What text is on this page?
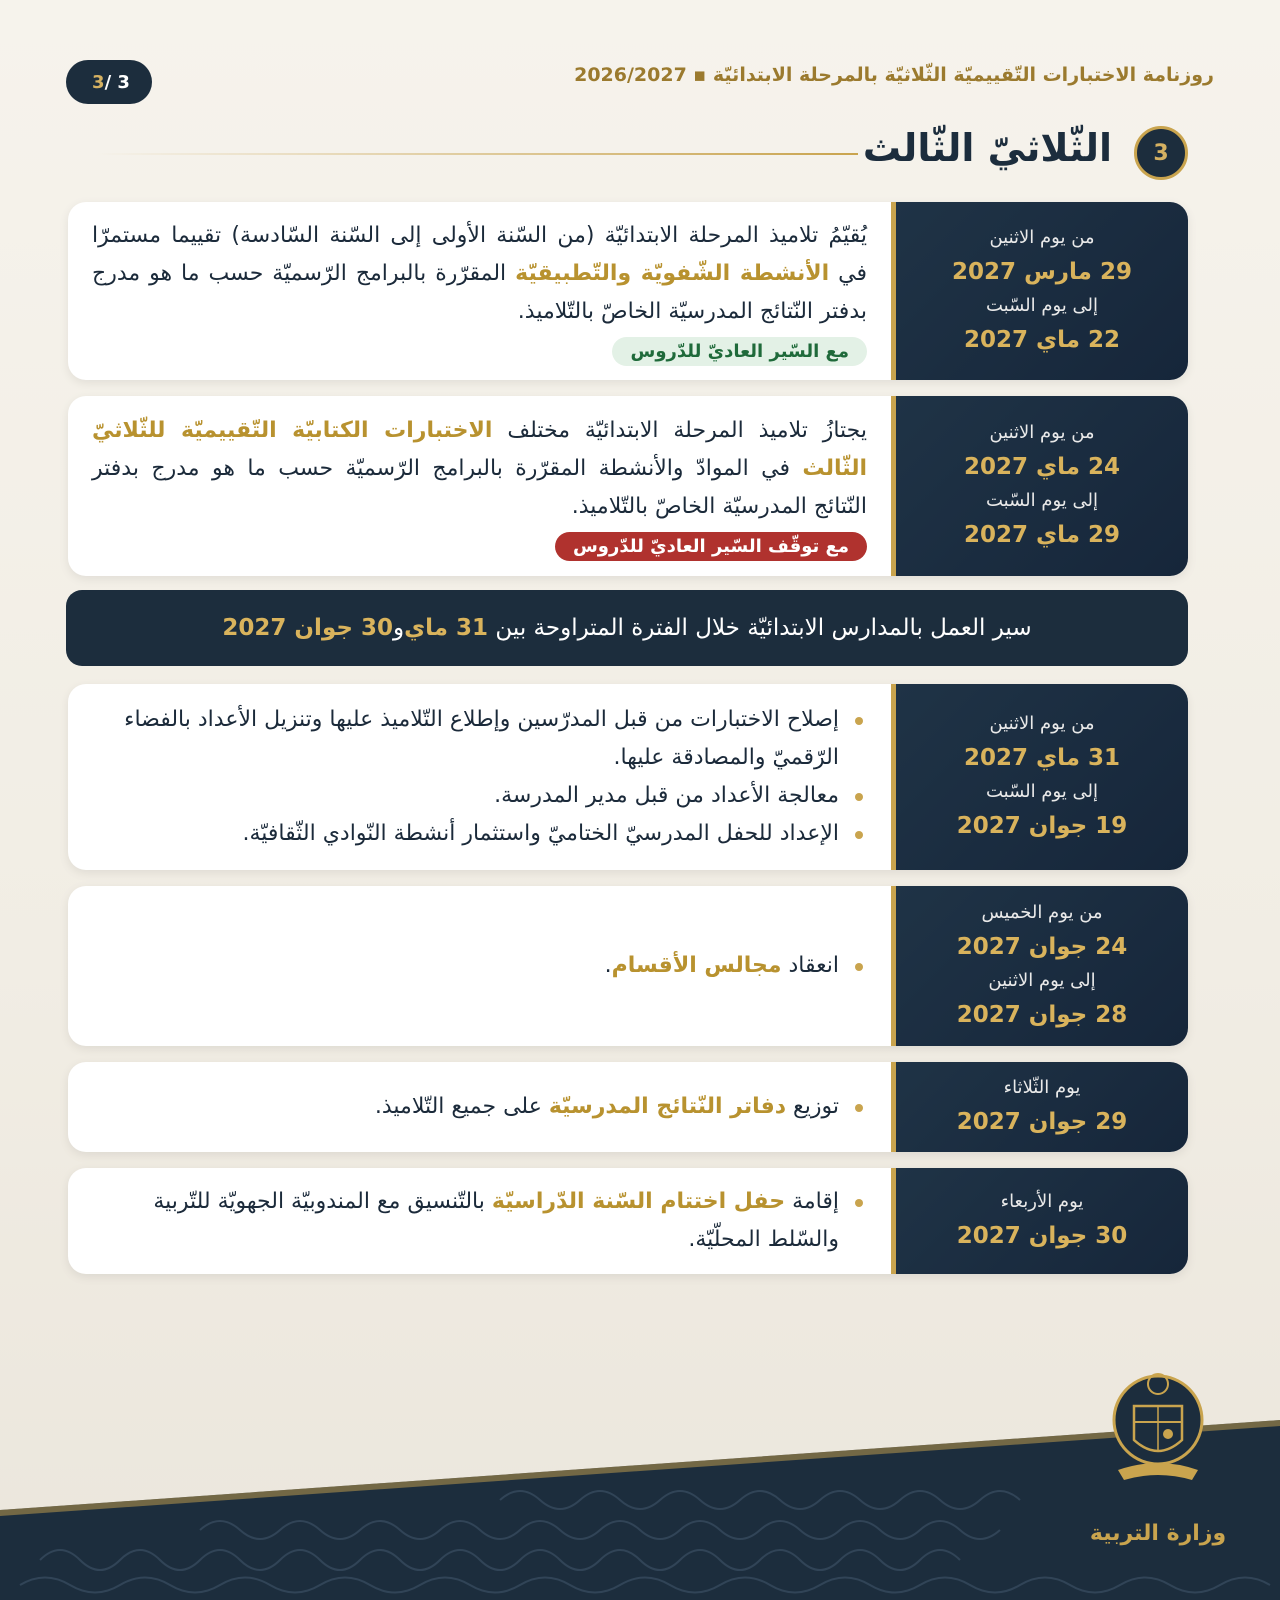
روزنامة الاختبارات التّقييميّة الثّلاثيّة بالمرحلة الابتدائيّة ▪ 2026/2027
3 / 3
3
الثّلاثيّ الثّالث
من يوم الاثنين
29 مارس 2027
إلى يوم السّبت
22 ماي 2027
يُقيّمُ تلاميذ المرحلة الابتدائيّة (من السّنة الأولى إلى السّنة السّادسة) تقييما مستمرّا في الأنشطة الشّفويّة والتّطبيقيّة المقرّرة بالبرامج الرّسميّة حسب ما هو مدرج بدفتر النّتائج المدرسيّة الخاصّ بالتّلاميذ.
مع السّير العاديّ للدّروس
من يوم الاثنين
24 ماي 2027
إلى يوم السّبت
29 ماي 2027
يجتازُ تلاميذ المرحلة الابتدائيّة مختلف الاختبارات الكتابيّة التّقييميّة للثّلاثيّ الثّالث في الموادّ والأنشطة المقرّرة بالبرامج الرّسميّة حسب ما هو مدرج بدفتر النّتائج المدرسيّة الخاصّ بالتّلاميذ.
مع توقّف السّير العاديّ للدّروس
سير العمل بالمدارس الابتدائيّة خلال الفترة المتراوحة بين

31 ماي
و
30 جوان 2027
من يوم الاثنين
31 ماي 2027
إلى يوم السّبت
19 جوان 2027
إصلاح الاختبارات من قبل المدرّسين وإطلاع التّلاميذ عليها وتنزيل الأعداد بالفضاء الرّقميّ والمصادقة عليها.
معالجة الأعداد من قبل مدير المدرسة.
الإعداد للحفل المدرسيّ الختاميّ واستثمار أنشطة النّوادي الثّقافيّة.
من يوم الخميس
24 جوان 2027
إلى يوم الاثنين
28 جوان 2027
انعقاد مجالس الأقسام.
يوم الثّلاثاء
29 جوان 2027
توزيع دفاتر النّتائج المدرسيّة على جميع التّلاميذ.
يوم الأربعاء
30 جوان 2027
إقامة حفل اختتام السّنة الدّراسيّة بالتّنسيق مع المندوبيّة الجهويّة للتّربية والسّلط المحلّيّة.
وزارة التربية
